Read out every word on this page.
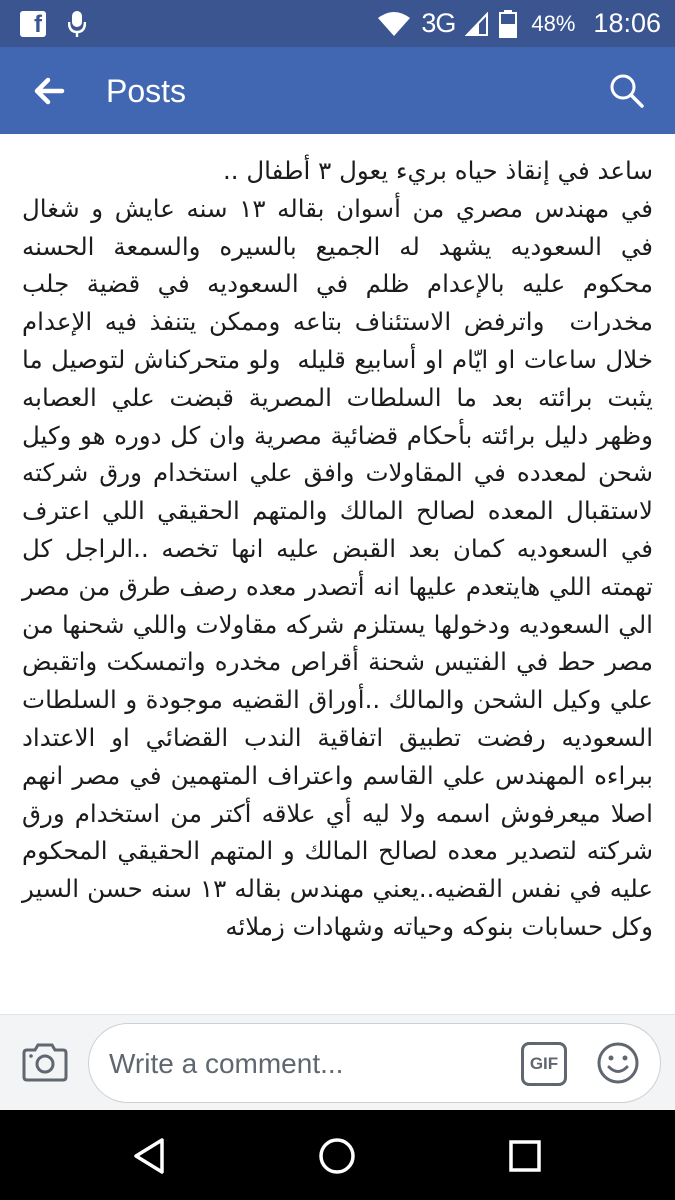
f	3G	48% 18:06
Posts
ساعد في إنقاذ حياه بريء يعول ٣ أطفال ..
في مهندس مصري من أسوان بقاله ١٣ سنه عايش و شغال في السعوديه يشهد له الجميع بالسيره والسمعة الحسنه محكوم عليه بالإعدام ظلم في السعوديه في قضية جلب مخدرات  واترفض الاستئناف بتاعه وممكن يتنفذ فيه الإعدام خلال ساعات او ايّام او أسابيع قليله  ولو متحركناش لتوصيل ما يثبت برائته بعد ما السلطات المصرية قبضت علي العصابه وظهر دليل برائته بأحكام قضائية مصرية وان كل دوره هو وكيل شحن لمعدده في المقاولات وافق علي استخدام ورق شركته لاستقبال المعده لصالح المالك والمتهم الحقيقي اللي اعترف في السعوديه كمان بعد القبض عليه انها تخصه ..الراجل كل تهمته اللي هايتعدم عليها انه أتصدر معده رصف طرق من مصر الي السعوديه ودخولها يستلزم شركه مقاولات واللي شحنها من مصر حط في الفتيس شحنة أقراص مخدره واتمسكت واتقبض علي وكيل الشحن والمالك ..أوراق القضيه موجودة و السلطات السعوديه رفضت تطبيق اتفاقية الندب القضائي او الاعتداد ببراءه المهندس علي القاسم واعتراف المتهمين في مصر انهم اصلا ميعرفوش اسمه ولا ليه أي علاقه أكتر من استخدام ورق شركته لتصدير معده لصالح المالك و المتهم الحقيقي المحكوم عليه في نفس القضيه..يعني مهندس بقاله ١٣ سنه حسن السير وكل حسابات بنوكه وحياته وشهادات زملائه
Write a comment...	GIF
